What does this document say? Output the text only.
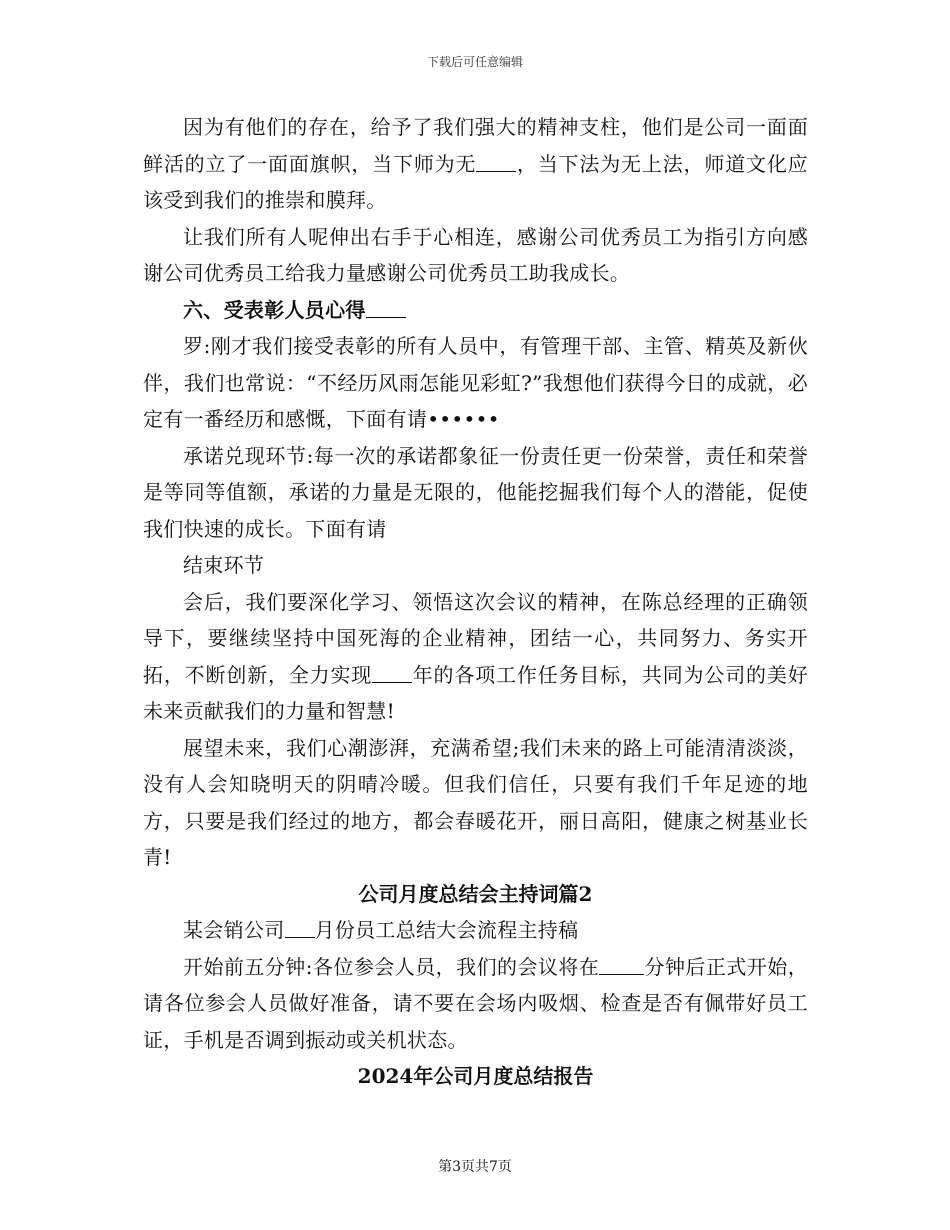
下载后可任意编辑

因为有他们的存在，给予了我们强大的精神支柱，他们是公司一面面鲜活的立了一面面旗帜，当下师为无 ，当下法为无上法，师道文化应该受到我们的推崇和膜拜。

让我们所有人呢伸出右手于心相连，感谢公司优秀员工为指引方向感谢公司优秀员工给我力量感谢公司优秀员工助我成长。

六、受表彰人员心得

罗:刚才我们接受表彰的所有人员中，有管理干部、主管、精英及新伙伴，我们也常说：“不经历风雨怎能见彩虹?”我想他们获得今日的成就，必定有一番经历和感慨，下面有请••••••

承诺兑现环节:每一次的承诺都象征一份责任更一份荣誉，责任和荣誉是等同等值额，承诺的力量是无限的，他能挖掘我们每个人的潜能，促使我们快速的成长。下面有请

结束环节

会后，我们要深化学习、领悟这次会议的精神，在陈总经理的正确领导下，要继续坚持中国死海的企业精神，团结一心，共同努力、务实开拓，不断创新，全力实现 年的各项工作任务目标，共同为公司的美好未来贡献我们的力量和智慧!

展望未来，我们心潮澎湃，充满希望;我们未来的路上可能清清淡淡，没有人会知晓明天的阴晴冷暖。但我们信任，只要有我们千年足迹的地方，只要是我们经过的地方，都会春暖花开，丽日高阳，健康之树基业长青!

公司月度总结会主持词篇2

某会销公司 月份员工总结大会流程主持稿

开始前五分钟:各位参会人员，我们的会议将在 分钟后正式开始，请各位参会人员做好准备，请不要在会场内吸烟、检查是否有佩带好员工证，手机是否调到振动或关机状态。

2024年公司月度总结报告

第3页共7页
